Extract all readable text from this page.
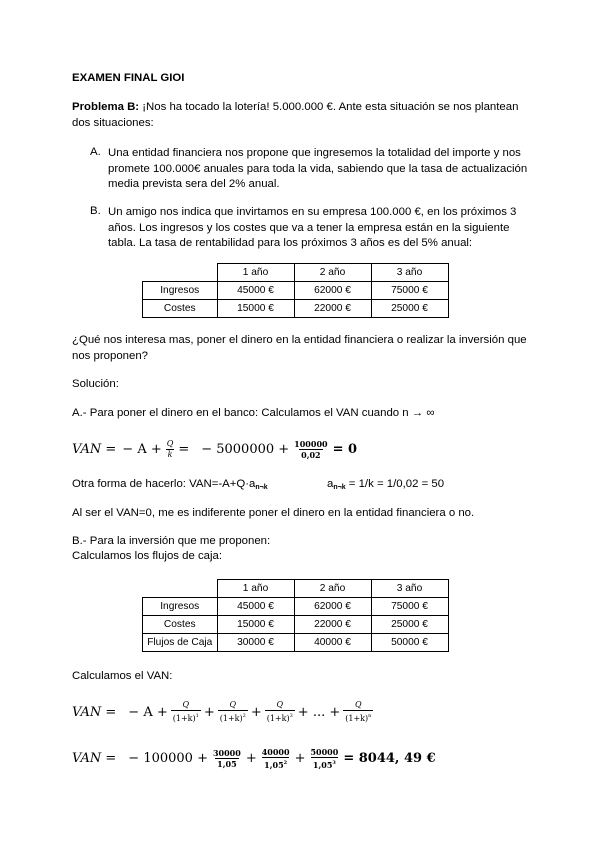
EXAMEN FINAL GIOI
Problema B: ¡Nos ha tocado la lotería! 5.000.000 €. Ante esta situación se nos plantean dos situaciones:
A. Una entidad financiera nos propone que ingresemos la totalidad del importe y nos promete 100.000€ anuales para toda la vida, sabiendo que la tasa de actualización media prevista sera del 2% anual.
B. Un amigo nos indica que invirtamos en su empresa 100.000 €, en los próximos 3 años. Los ingresos y los costes que va a tener la empresa están en la siguiente tabla. La tasa de rentabilidad para los próximos 3 años es del 5% anual:
	1 año	2 año	3 año
Ingresos	45000 €	62000 €	75000 €
Costes	15000 €	22000 €	25000 €
¿Qué nos interesa mas, poner el dinero en la entidad financiera o realizar la inversión que nos proponen?
Solución:
A.- Para poner el dinero en el banco: Calculamos el VAN cuando n → ∞
VAN = − $A + \frac{Q}{k}$ = − $5000000 + \frac{100000}{0,02} = 0$
Otra forma de hacerlo: $VAN=-A+Q\cdot a_{n\neg k}$	$a_{n\neg k} = 1/k = 1/0,02 = 50$
Al ser el VAN=0, me es indiferente poner el dinero en la entidad financiera o no.
B.- Para la inversión que me proponen:
Calculamos los flujos de caja:
	1 año	2 año	3 año
Ingresos	45000 €	62000 €	75000 €
Costes	15000 €	22000 €	25000 €
Flujos de Caja	30000 €	40000 €	50000 €
Calculamos el VAN:
VAN = − $A + \frac{Q}{(1+k)^1} + \frac{Q}{(1+k)^2} + \frac{Q}{(1+k)^3}$ + ... + $\frac{Q}{(1+k)^n}$
VAN = − $100000 + \frac{30000}{1,05} + \frac{40000}{1,05^2} + \frac{50000}{1,05^3} = 8044$, 49 €
